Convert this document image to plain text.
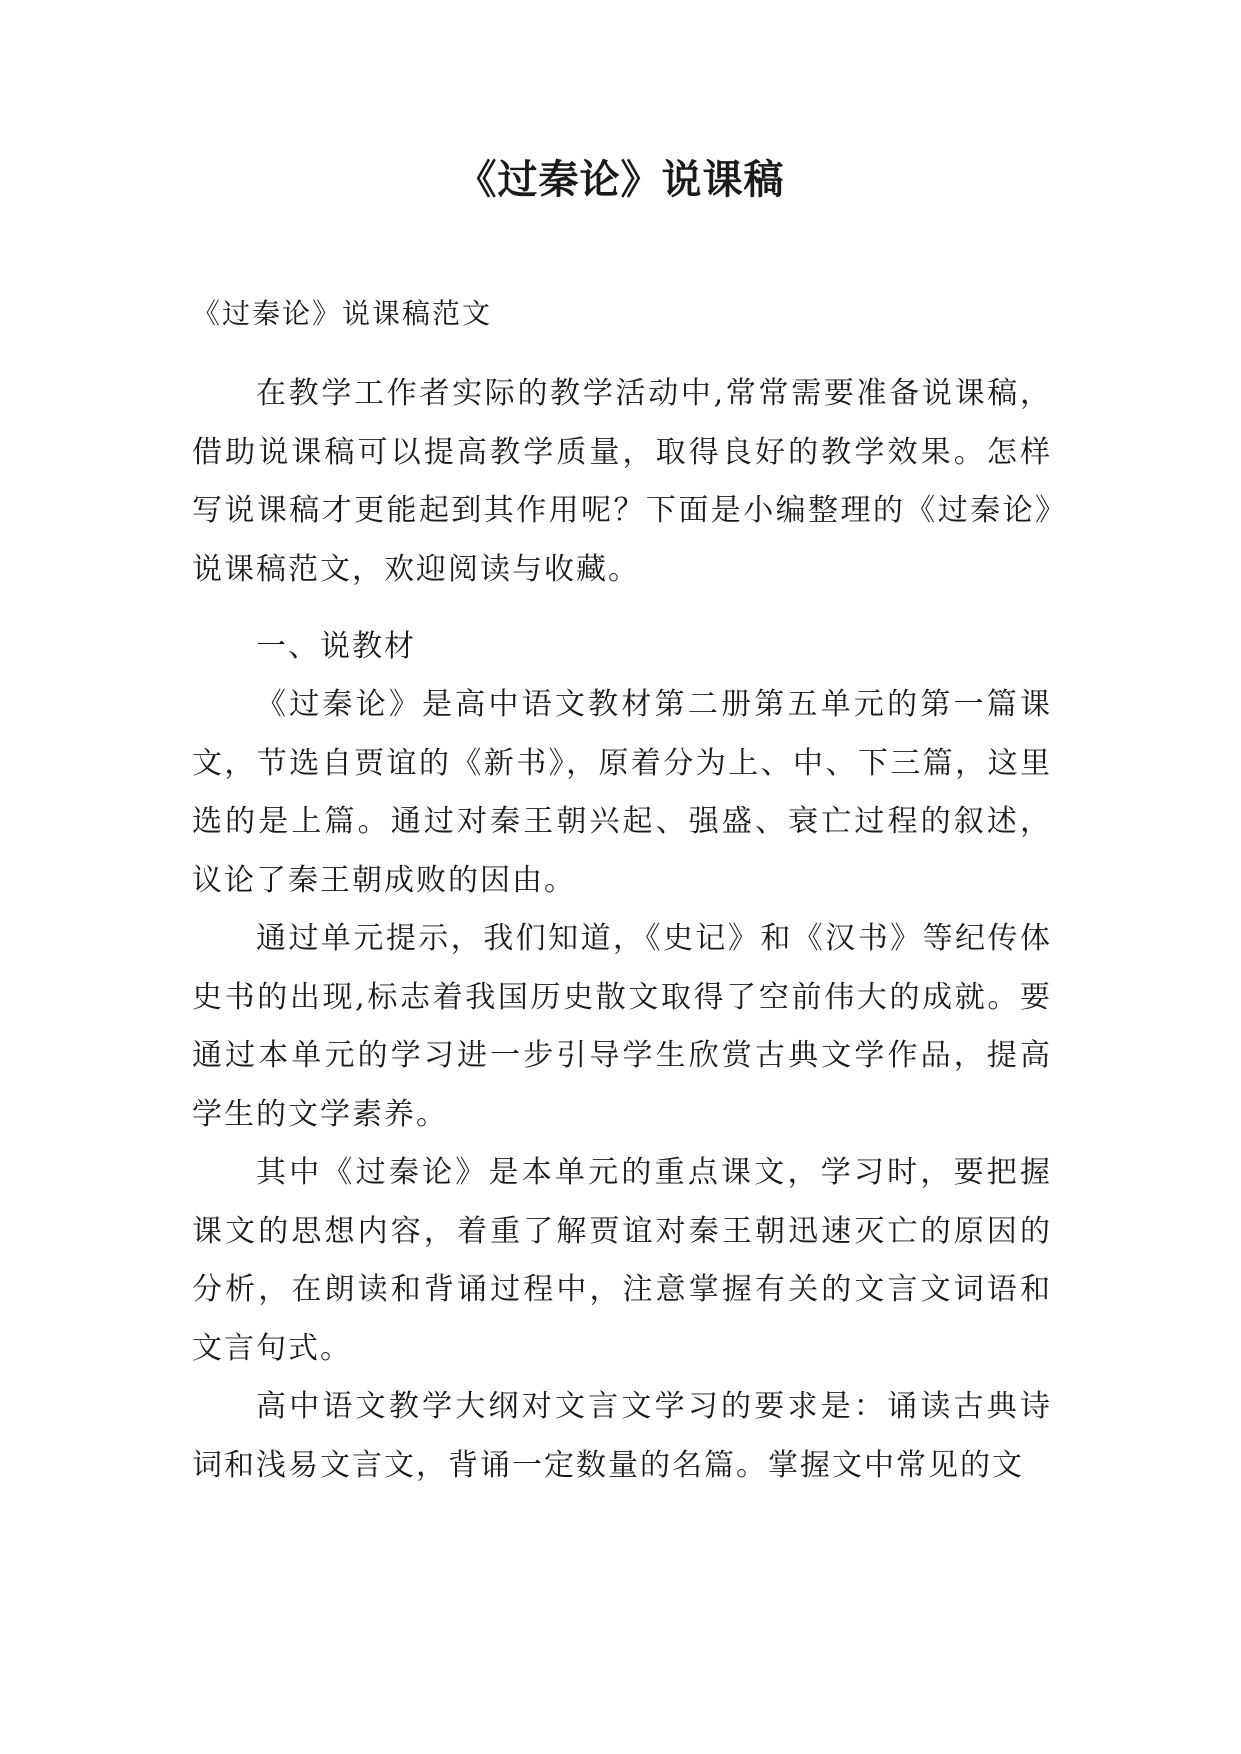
《过秦论》说课稿
《过秦论》说课稿范文

在教学工作者实际的教学活动中,常常需要准备说课稿，借助说课稿可以提高教学质量，取得良好的教学效果。怎样写说课稿才更能起到其作用呢？下面是小编整理的《过秦论》说课稿范文，欢迎阅读与收藏。

一、说教材

《过秦论》是高中语文教材第二册第五单元的第一篇课文，节选自贾谊的《新书》，原着分为上、中、下三篇，这里选的是上篇。通过对秦王朝兴起、强盛、衰亡过程的叙述，议论了秦王朝成败的因由。

通过单元提示，我们知道，《史记》和《汉书》等纪传体史书的出现,标志着我国历史散文取得了空前伟大的成就。要通过本单元的学习进一步引导学生欣赏古典文学作品，提高学生的文学素养。

其中《过秦论》是本单元的重点课文，学习时，要把握课文的思想内容，着重了解贾谊对秦王朝迅速灭亡的原因的分析，在朗读和背诵过程中，注意掌握有关的文言文词语和文言句式。

高中语文教学大纲对文言文学习的要求是：诵读古典诗词和浅易文言文，背诵一定数量的名篇。掌握文中常见的文
